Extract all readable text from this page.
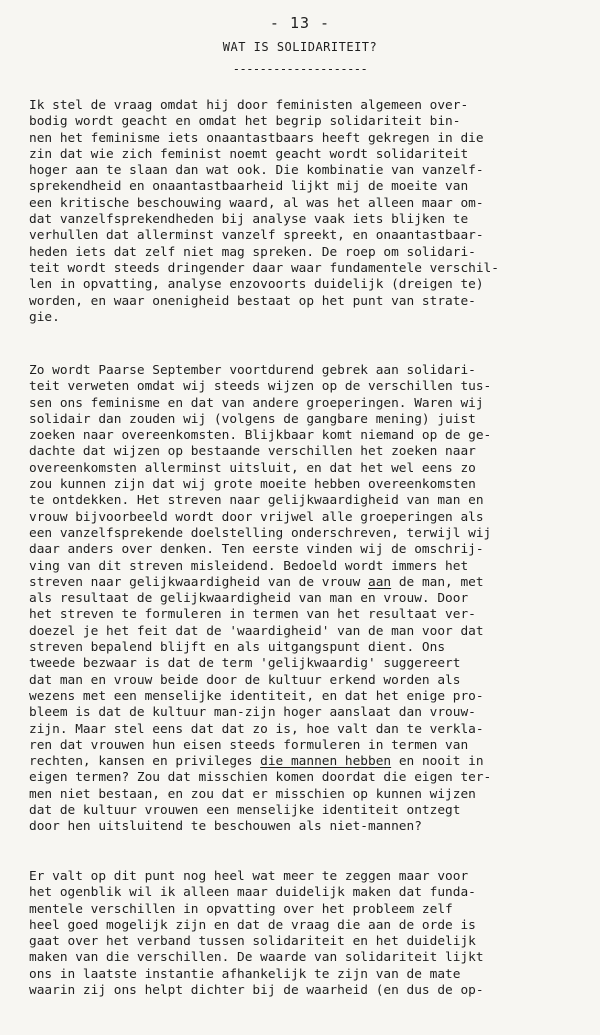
- 13 -
WAT IS SOLIDARITEIT?
--------------------
Ik stel de vraag omdat hij door feministen algemeen over-
bodig wordt geacht en omdat het begrip solidariteit bin-
nen het feminisme iets onaantastbaars heeft gekregen in die
zin dat wie zich feminist noemt geacht wordt solidariteit
hoger aan te slaan dan wat ook. Die kombinatie van vanzelf-
sprekendheid en onaantastbaarheid lijkt mij de moeite van
een kritische beschouwing waard, al was het alleen maar om-
dat vanzelfsprekendheden bij analyse vaak iets blijken te
verhullen dat allerminst vanzelf spreekt, en onaantastbaar-
heden iets dat zelf niet mag spreken. De roep om solidari-
teit wordt steeds dringender daar waar fundamentele verschil-
len in opvatting, analyse enzovoorts duidelijk (dreigen te)
worden, en waar onenigheid bestaat op het punt van strate-
gie.
Zo wordt Paarse September voortdurend gebrek aan solidari-
teit verweten omdat wij steeds wijzen op de verschillen tus-
sen ons feminisme en dat van andere groeperingen. Waren wij
solidair dan zouden wij (volgens de gangbare mening) juist
zoeken naar overeenkomsten. Blijkbaar komt niemand op de ge-
dachte dat wijzen op bestaande verschillen het zoeken naar
overeenkomsten allerminst uitsluit, en dat het wel eens zo
zou kunnen zijn dat wij grote moeite hebben overeenkomsten
te ontdekken. Het streven naar gelijkwaardigheid van man en
vrouw bijvoorbeeld wordt door vrijwel alle groeperingen als
een vanzelfsprekende doelstelling onderschreven, terwijl wij
daar anders over denken. Ten eerste vinden wij de omschrij-
ving van dit streven misleidend. Bedoeld wordt immers het
streven naar gelijkwaardigheid van de vrouw aan de man, met
als resultaat de gelijkwaardigheid van man en vrouw. Door
het streven te formuleren in termen van het resultaat ver-
doezel je het feit dat de 'waardigheid' van de man voor dat
streven bepalend blijft en als uitgangspunt dient. Ons
tweede bezwaar is dat de term 'gelijkwaardig' suggereert
dat man en vrouw beide door de kultuur erkend worden als
wezens met een menselijke identiteit, en dat het enige pro-
bleem is dat de kultuur man-zijn hoger aanslaat dan vrouw-
zijn. Maar stel eens dat dat zo is, hoe valt dan te verkla-
ren dat vrouwen hun eisen steeds formuleren in termen van
rechten, kansen en privileges die mannen hebben en nooit in
eigen termen? Zou dat misschien komen doordat die eigen ter-
men niet bestaan, en zou dat er misschien op kunnen wijzen
dat de kultuur vrouwen een menselijke identiteit ontzegt
door hen uitsluitend te beschouwen als niet-mannen?
Er valt op dit punt nog heel wat meer te zeggen maar voor
het ogenblik wil ik alleen maar duidelijk maken dat funda-
mentele verschillen in opvatting over het probleem zelf
heel goed mogelijk zijn en dat de vraag die aan de orde is
gaat over het verband tussen solidariteit en het duidelijk
maken van die verschillen. De waarde van solidariteit lijkt
ons in laatste instantie afhankelijk te zijn van de mate
waarin zij ons helpt dichter bij de waarheid (en dus de op-
